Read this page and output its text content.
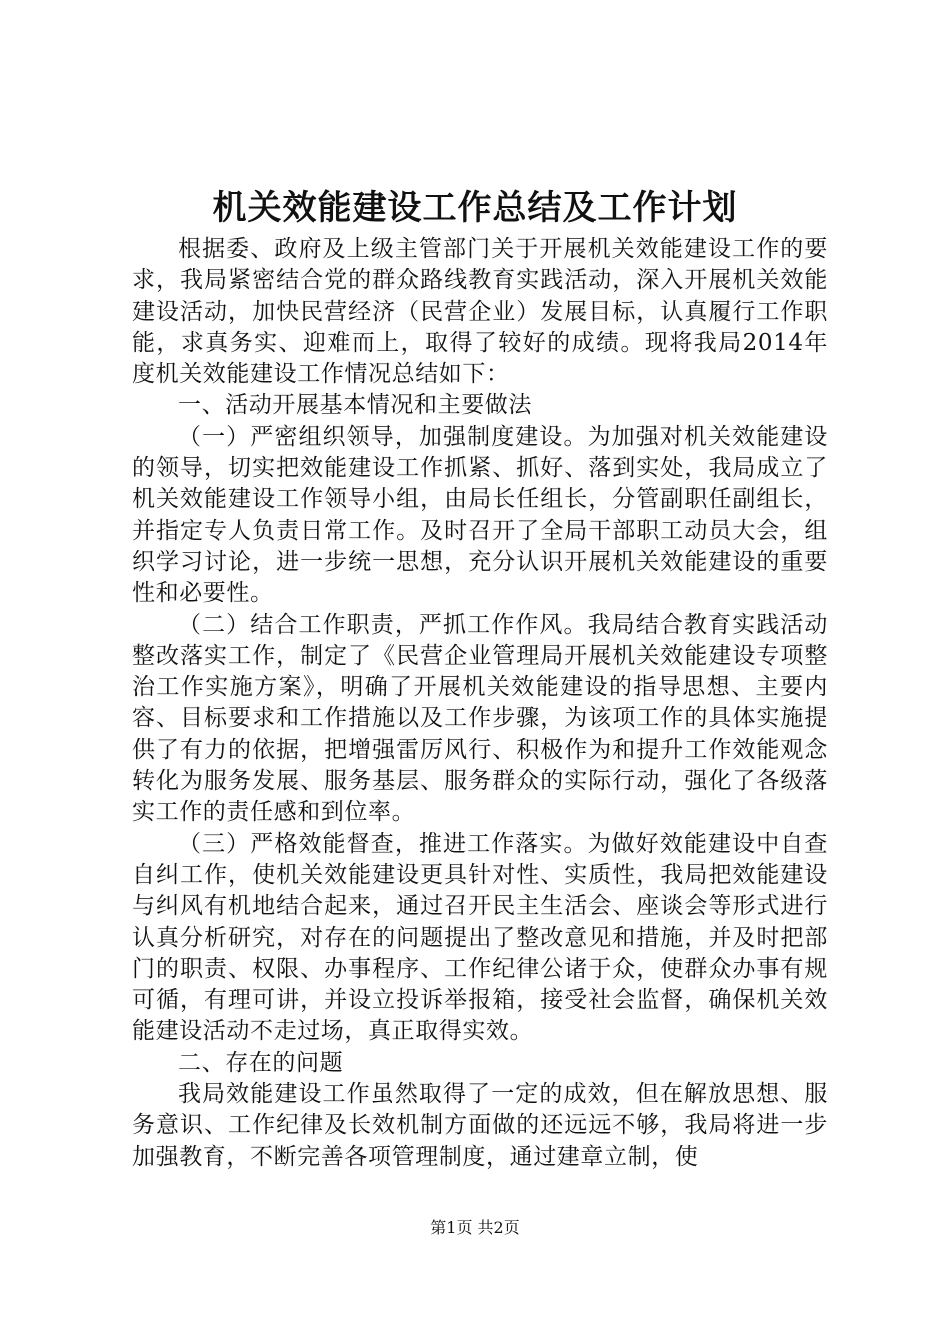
机关效能建设工作总结及工作计划

根据委、政府及上级主管部门关于开展机关效能建设工作的要求，我局紧密结合党的群众路线教育实践活动，深入开展机关效能建设活动，加快民营经济（民营企业）发展目标，认真履行工作职能，求真务实、迎难而上，取得了较好的成绩。现将我局2014年度机关效能建设工作情况总结如下：

一、活动开展基本情况和主要做法

（一）严密组织领导，加强制度建设。为加强对机关效能建设的领导，切实把效能建设工作抓紧、抓好、落到实处，我局成立了机关效能建设工作领导小组，由局长任组长，分管副职任副组长，并指定专人负责日常工作。及时召开了全局干部职工动员大会，组织学习讨论，进一步统一思想，充分认识开展机关效能建设的重要性和必要性。

（二）结合工作职责，严抓工作作风。我局结合教育实践活动整改落实工作，制定了《民营企业管理局开展机关效能建设专项整治工作实施方案》，明确了开展机关效能建设的指导思想、主要内容、目标要求和工作措施以及工作步骤，为该项工作的具体实施提供了有力的依据，把增强雷厉风行、积极作为和提升工作效能观念转化为服务发展、服务基层、服务群众的实际行动，强化了各级落实工作的责任感和到位率。

（三）严格效能督查，推进工作落实。为做好效能建设中自查自纠工作，使机关效能建设更具针对性、实质性，我局把效能建设与纠风有机地结合起来，通过召开民主生活会、座谈会等形式进行认真分析研究，对存在的问题提出了整改意见和措施，并及时把部门的职责、权限、办事程序、工作纪律公诸于众，使群众办事有规可循，有理可讲，并设立投诉举报箱，接受社会监督，确保机关效能建设活动不走过场，真正取得实效。

二、存在的问题

我局效能建设工作虽然取得了一定的成效，但在解放思想、服务意识、工作纪律及长效机制方面做的还远远不够，我局将进一步加强教育，不断完善各项管理制度，通过建章立制，使

第1页 共2页
